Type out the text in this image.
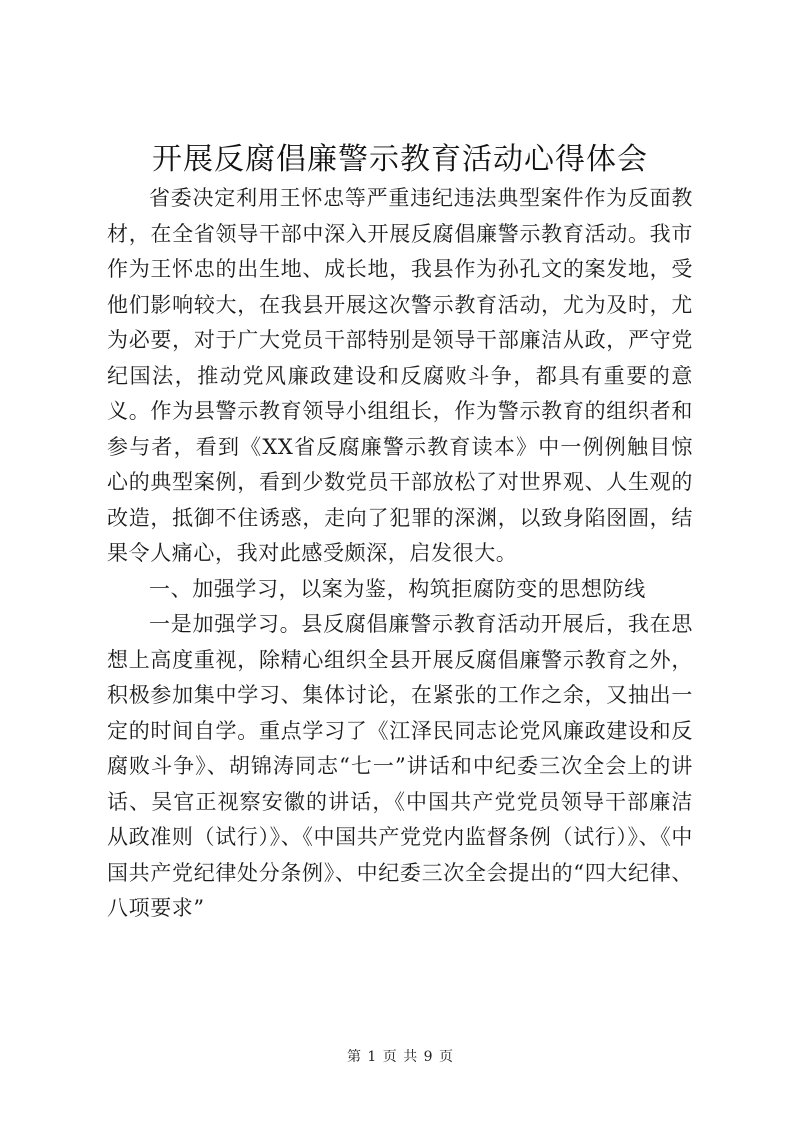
开展反腐倡廉警示教育活动心得体会

省委决定利用王怀忠等严重违纪违法典型案件作为反面教材，在全省领导干部中深入开展反腐倡廉警示教育活动。我市作为王怀忠的出生地、成长地，我县作为孙孔文的案发地，受他们影响较大，在我县开展这次警示教育活动，尤为及时，尤为必要，对于广大党员干部特别是领导干部廉洁从政，严守党纪国法，推动党风廉政建设和反腐败斗争，都具有重要的意义。作为县警示教育领导小组组长，作为警示教育的组织者和参与者，看到《XX省反腐廉警示教育读本》中一例例触目惊心的典型案例，看到少数党员干部放松了对世界观、人生观的改造，抵御不住诱惑，走向了犯罪的深渊，以致身陷囹圄，结果令人痛心，我对此感受颇深，启发很大。

一、加强学习，以案为鉴，构筑拒腐防变的思想防线

一是加强学习。县反腐倡廉警示教育活动开展后，我在思想上高度重视，除精心组织全县开展反腐倡廉警示教育之外，积极参加集中学习、集体讨论，在紧张的工作之余，又抽出一定的时间自学。重点学习了《江泽民同志论党风廉政建设和反腐败斗争》、胡锦涛同志“七一”讲话和中纪委三次全会上的讲话、吴官正视察安徽的讲话，《中国共产党党员领导干部廉洁从政准则（试行）》、《中国共产党党内监督条例（试行）》、《中国共产党纪律处分条例》、中纪委三次全会提出的“四大纪律、八项要求”

第 1 页 共 9 页
